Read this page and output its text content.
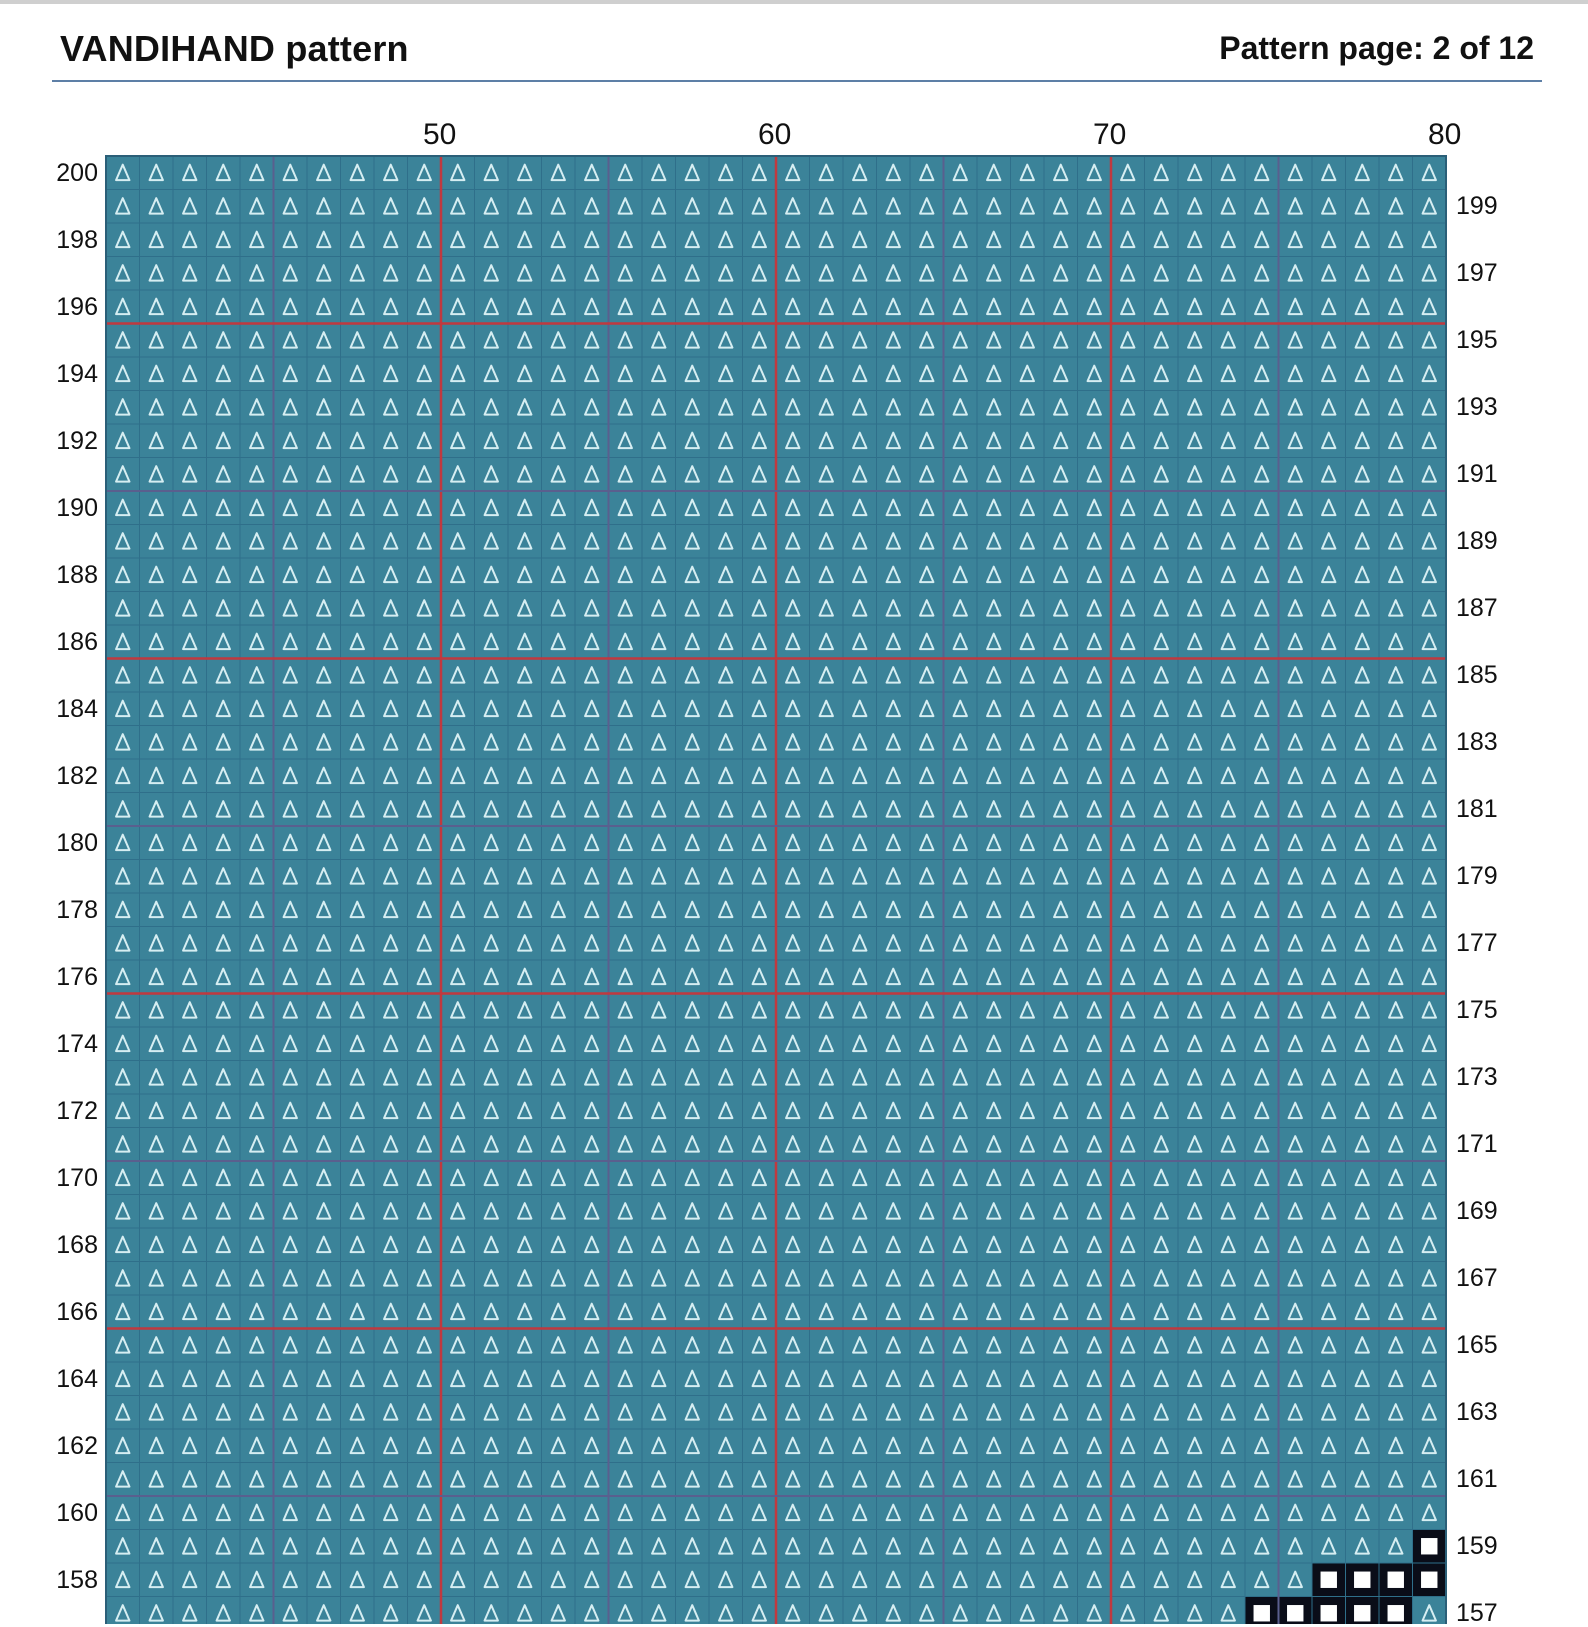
VANDIHAND pattern	Pattern page: 2 of 12
50	60	70	80
200
198
196
194
192
190
188
186
184
182
180
178
176
174
172
170
168
166
164
162
160
158
199
197
195
193
191
189
187
185
183
181
179
177
175
173
171
169
167
165
163
161
159
157
